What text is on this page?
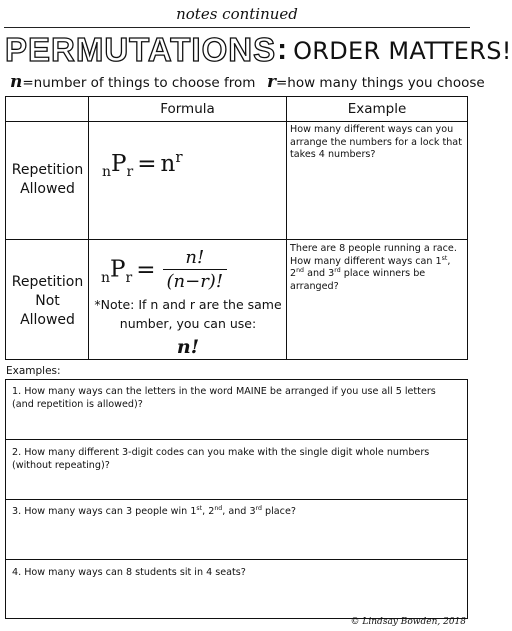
notes continued
PERMUTATIONS: ORDER MATTERS!
n=number of things to choose from r=how many things you choose
Formula	Example
Repetition
Allowed
$_nP_r = n^r$
How many different ways can you arrange the numbers for a lock that takes 4 numbers?
Repetition
Not
Allowed
$_nP_r = \frac{n!}{(n-r)!}$
*Note: If n and r are the same number, you can use:
n!
There are 8 people running a race. How many different ways can 1st, 2nd and 3rd place winners be arranged?
Examples:
1. How many ways can the letters in the word MAINE be arranged if you use all 5 letters (and repetition is allowed)?
2. How many different 3-digit codes can you make with the single digit whole numbers (without repeating)?
3. How many ways can 3 people win 1st, 2nd, and 3rd place?
4. How many ways can 8 students sit in 4 seats?
© Lindsay Bowden, 2018
